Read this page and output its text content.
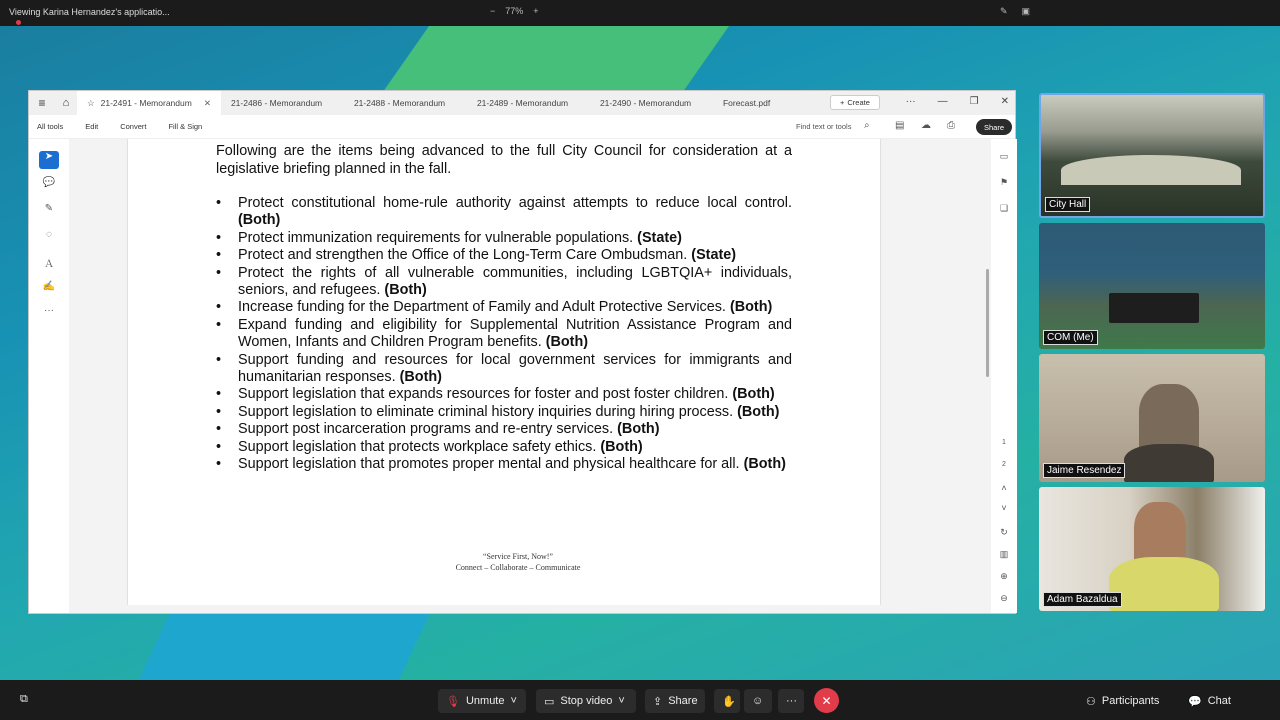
Viewing Karina Hernandez's applicatio...	− 77% +	✎ ▣
≡	⌂	☆ 21-2491 - Memorandum ✕ 21-2486 - Memorandum	21-2488 - Memorandum	21-2489 - Memorandum	21-2490 - Memorandum	Forecast.pdf	+ Create	··· — ❐ ✕
All tools	Edit	Convert	Fill & Sign	Find text or tools ⌕	▤ ☁ ⎙	Share
➤
💬
✎
◌
Ａ
✍
···

Following are the items being advanced to the full City Council for consideration at a legislative briefing planned in the fall.

• Protect constitutional home-rule authority against attempts to reduce local control. (Both)
• Protect immunization requirements for vulnerable populations. (State)
• Protect and strengthen the Office of the Long-Term Care Ombudsman. (State)
• Protect the rights of all vulnerable communities, including LGBTQIA+ individuals, seniors, and refugees. (Both)
• Increase funding for the Department of Family and Adult Protective Services. (Both)
• Expand funding and eligibility for Supplemental Nutrition Assistance Program and Women, Infants and Children Program benefits. (Both)
• Support funding and resources for local government services for immigrants and humanitarian responses. (Both)
• Support legislation that expands resources for foster and post foster children. (Both)
• Support legislation to eliminate criminal history inquiries during hiring process. (Both)
• Support post incarceration programs and re-entry services. (Both)
• Support legislation that protects workplace safety ethics. (Both)
• Support legislation that promotes proper mental and physical healthcare for all. (Both)
“Service First, Now!”
Connect – Collaborate – Communicate
▭
⚑
❏
1
2
˄
˅
↻
▥
⊕
⊖
City Hall
COM (Me)
Jaime Resendez
Adam Bazaldua
⧉	🎙 Unmute ˅ ▭ Stop video ˅	⇪ Share ✋ ☺ ··· ✕	⚇ Participants	💬 Chat
